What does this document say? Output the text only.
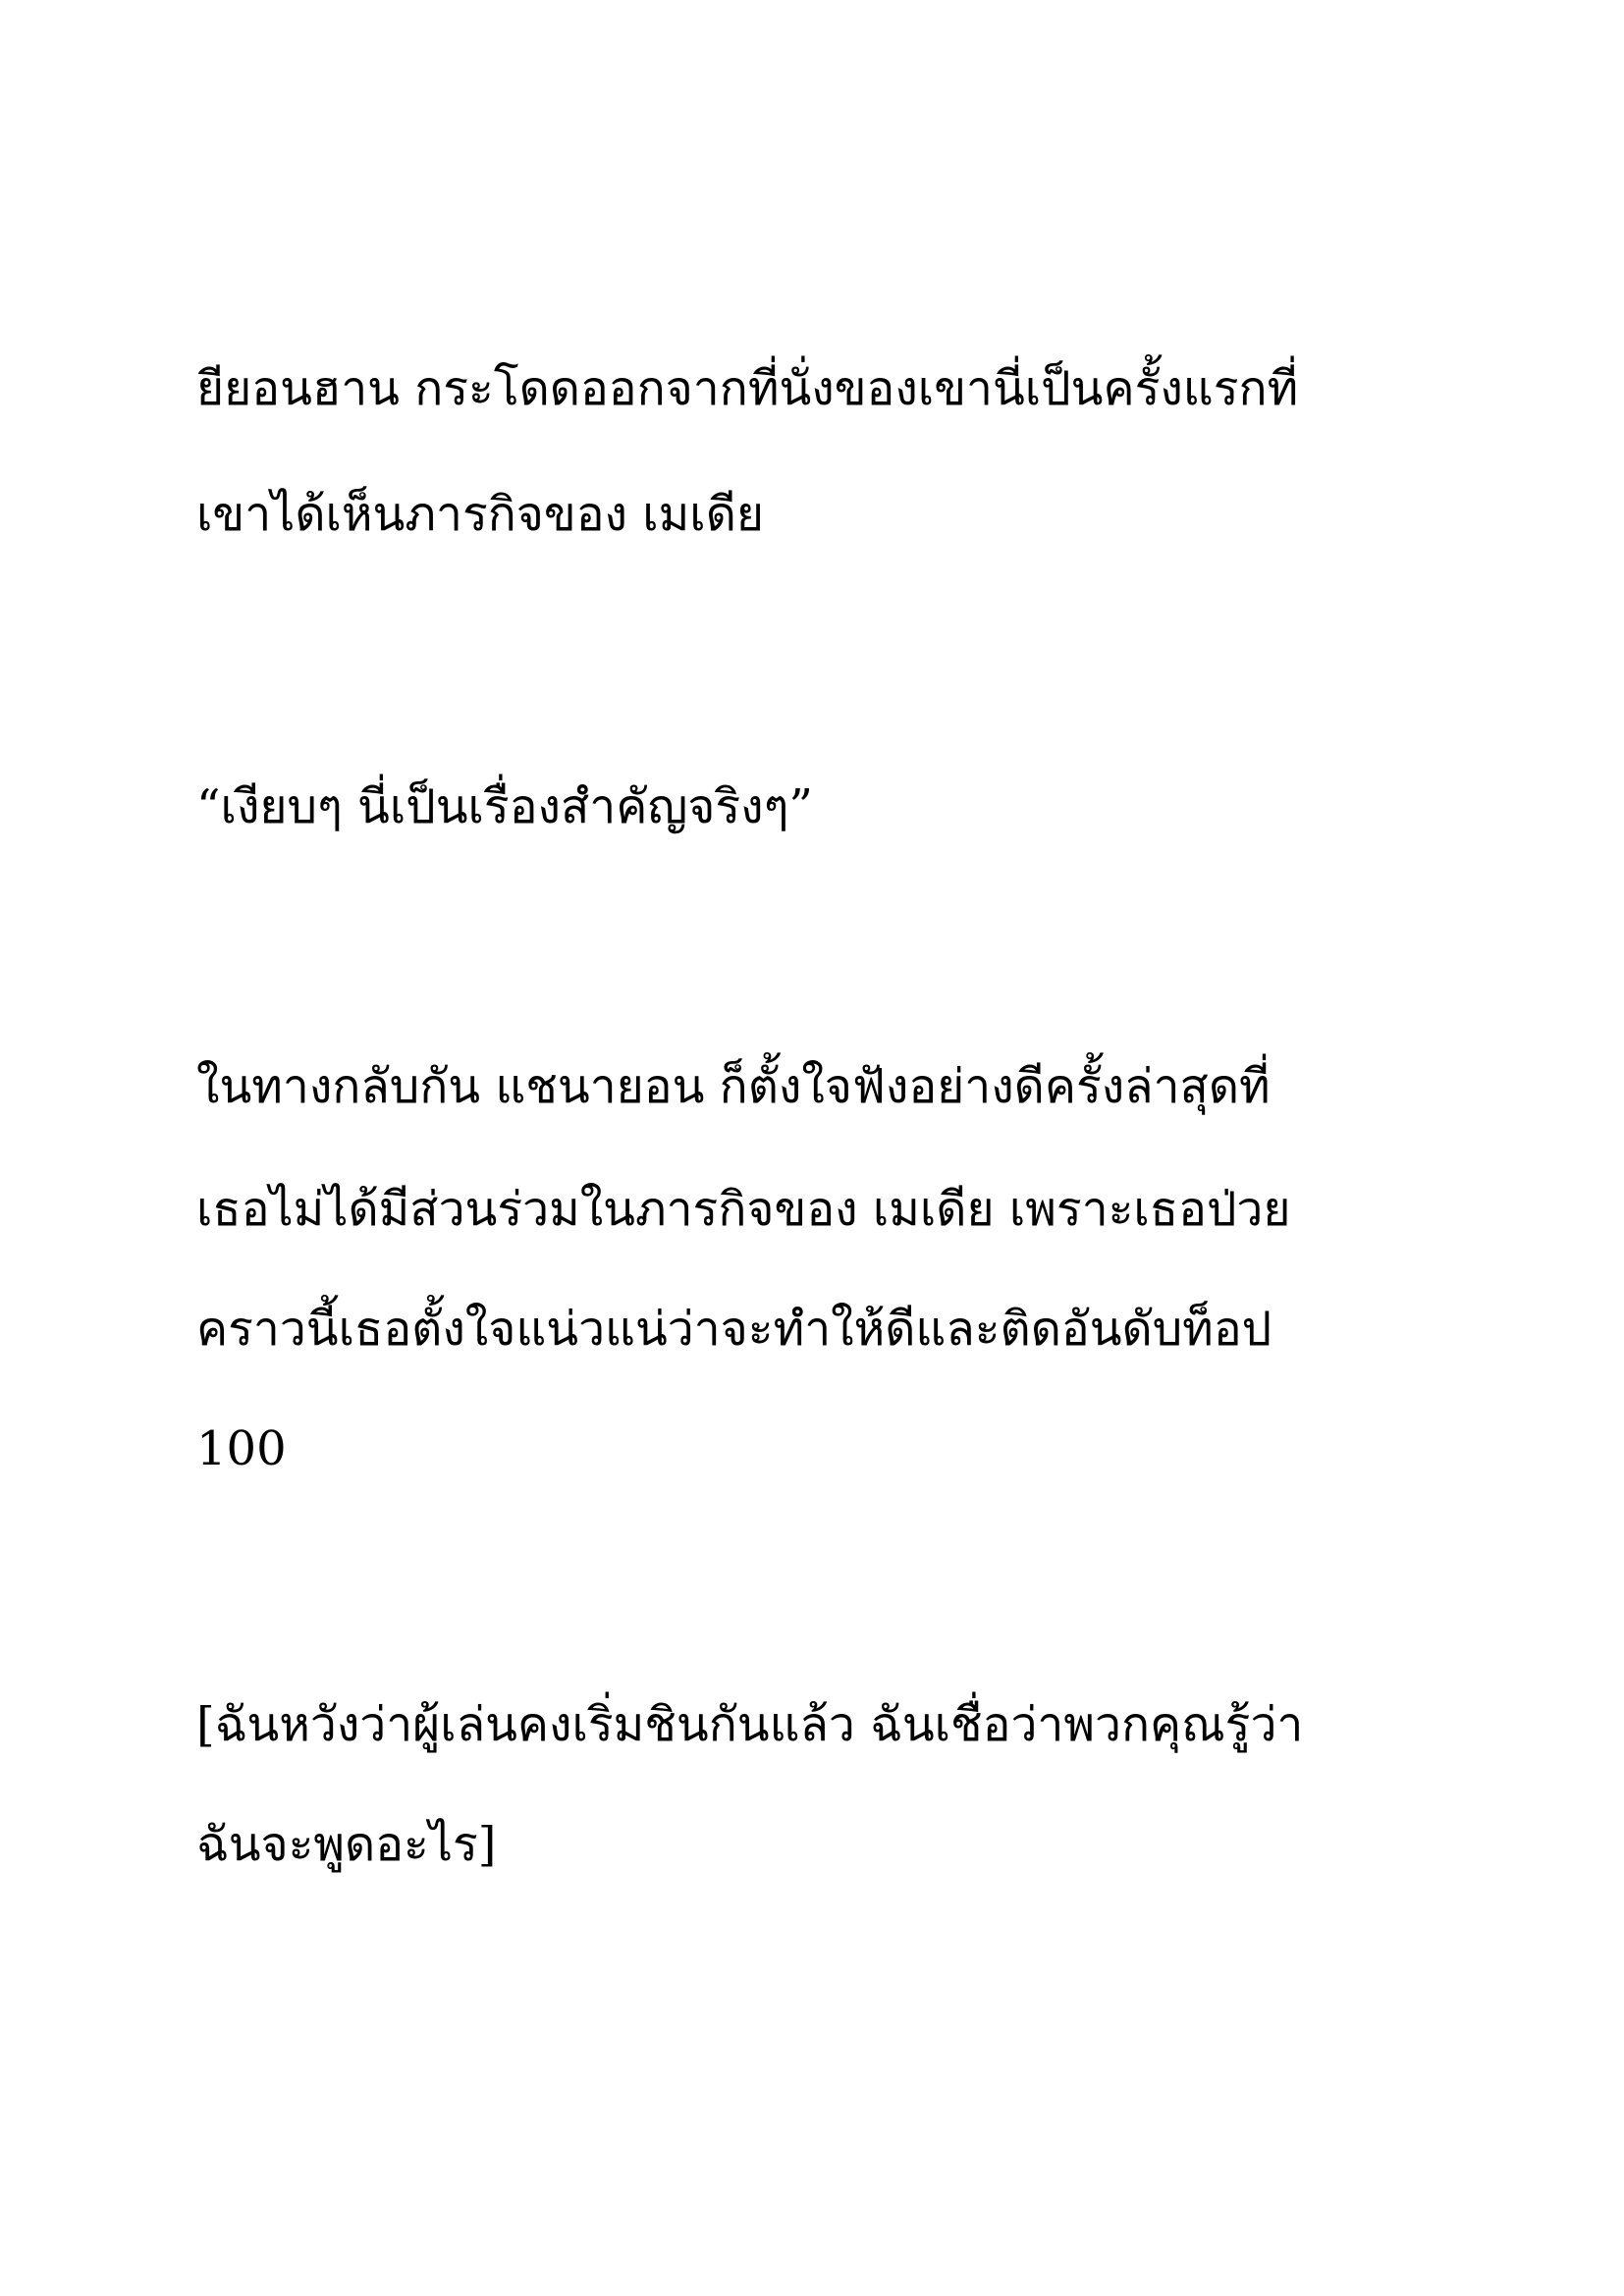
ยียอนฮาน กระโดดออกจากที่นั่งของเขานี่เป็นครั้งแรกที่
เขาได้เห็นภารกิจของ เมเดีย
“เงียบๆ นี่เป็นเรื่องสำคัญจริงๆ”
ในทางกลับกัน แชนายอน ก็ตั้งใจฟังอย่างดีครั้งล่าสุดที่
เธอไม่ได้มีส่วนร่วมในภารกิจของ เมเดีย เพราะเธอป่วย
คราวนี้เธอตั้งใจแน่วแน่ว่าจะทำให้ดีและติดอันดับท็อป
100
[ฉันหวังว่าผู้เล่นคงเริ่มชินกันแล้ว ฉันเชื่อว่าพวกคุณรู้ว่า
ฉันจะพูดอะไร]
